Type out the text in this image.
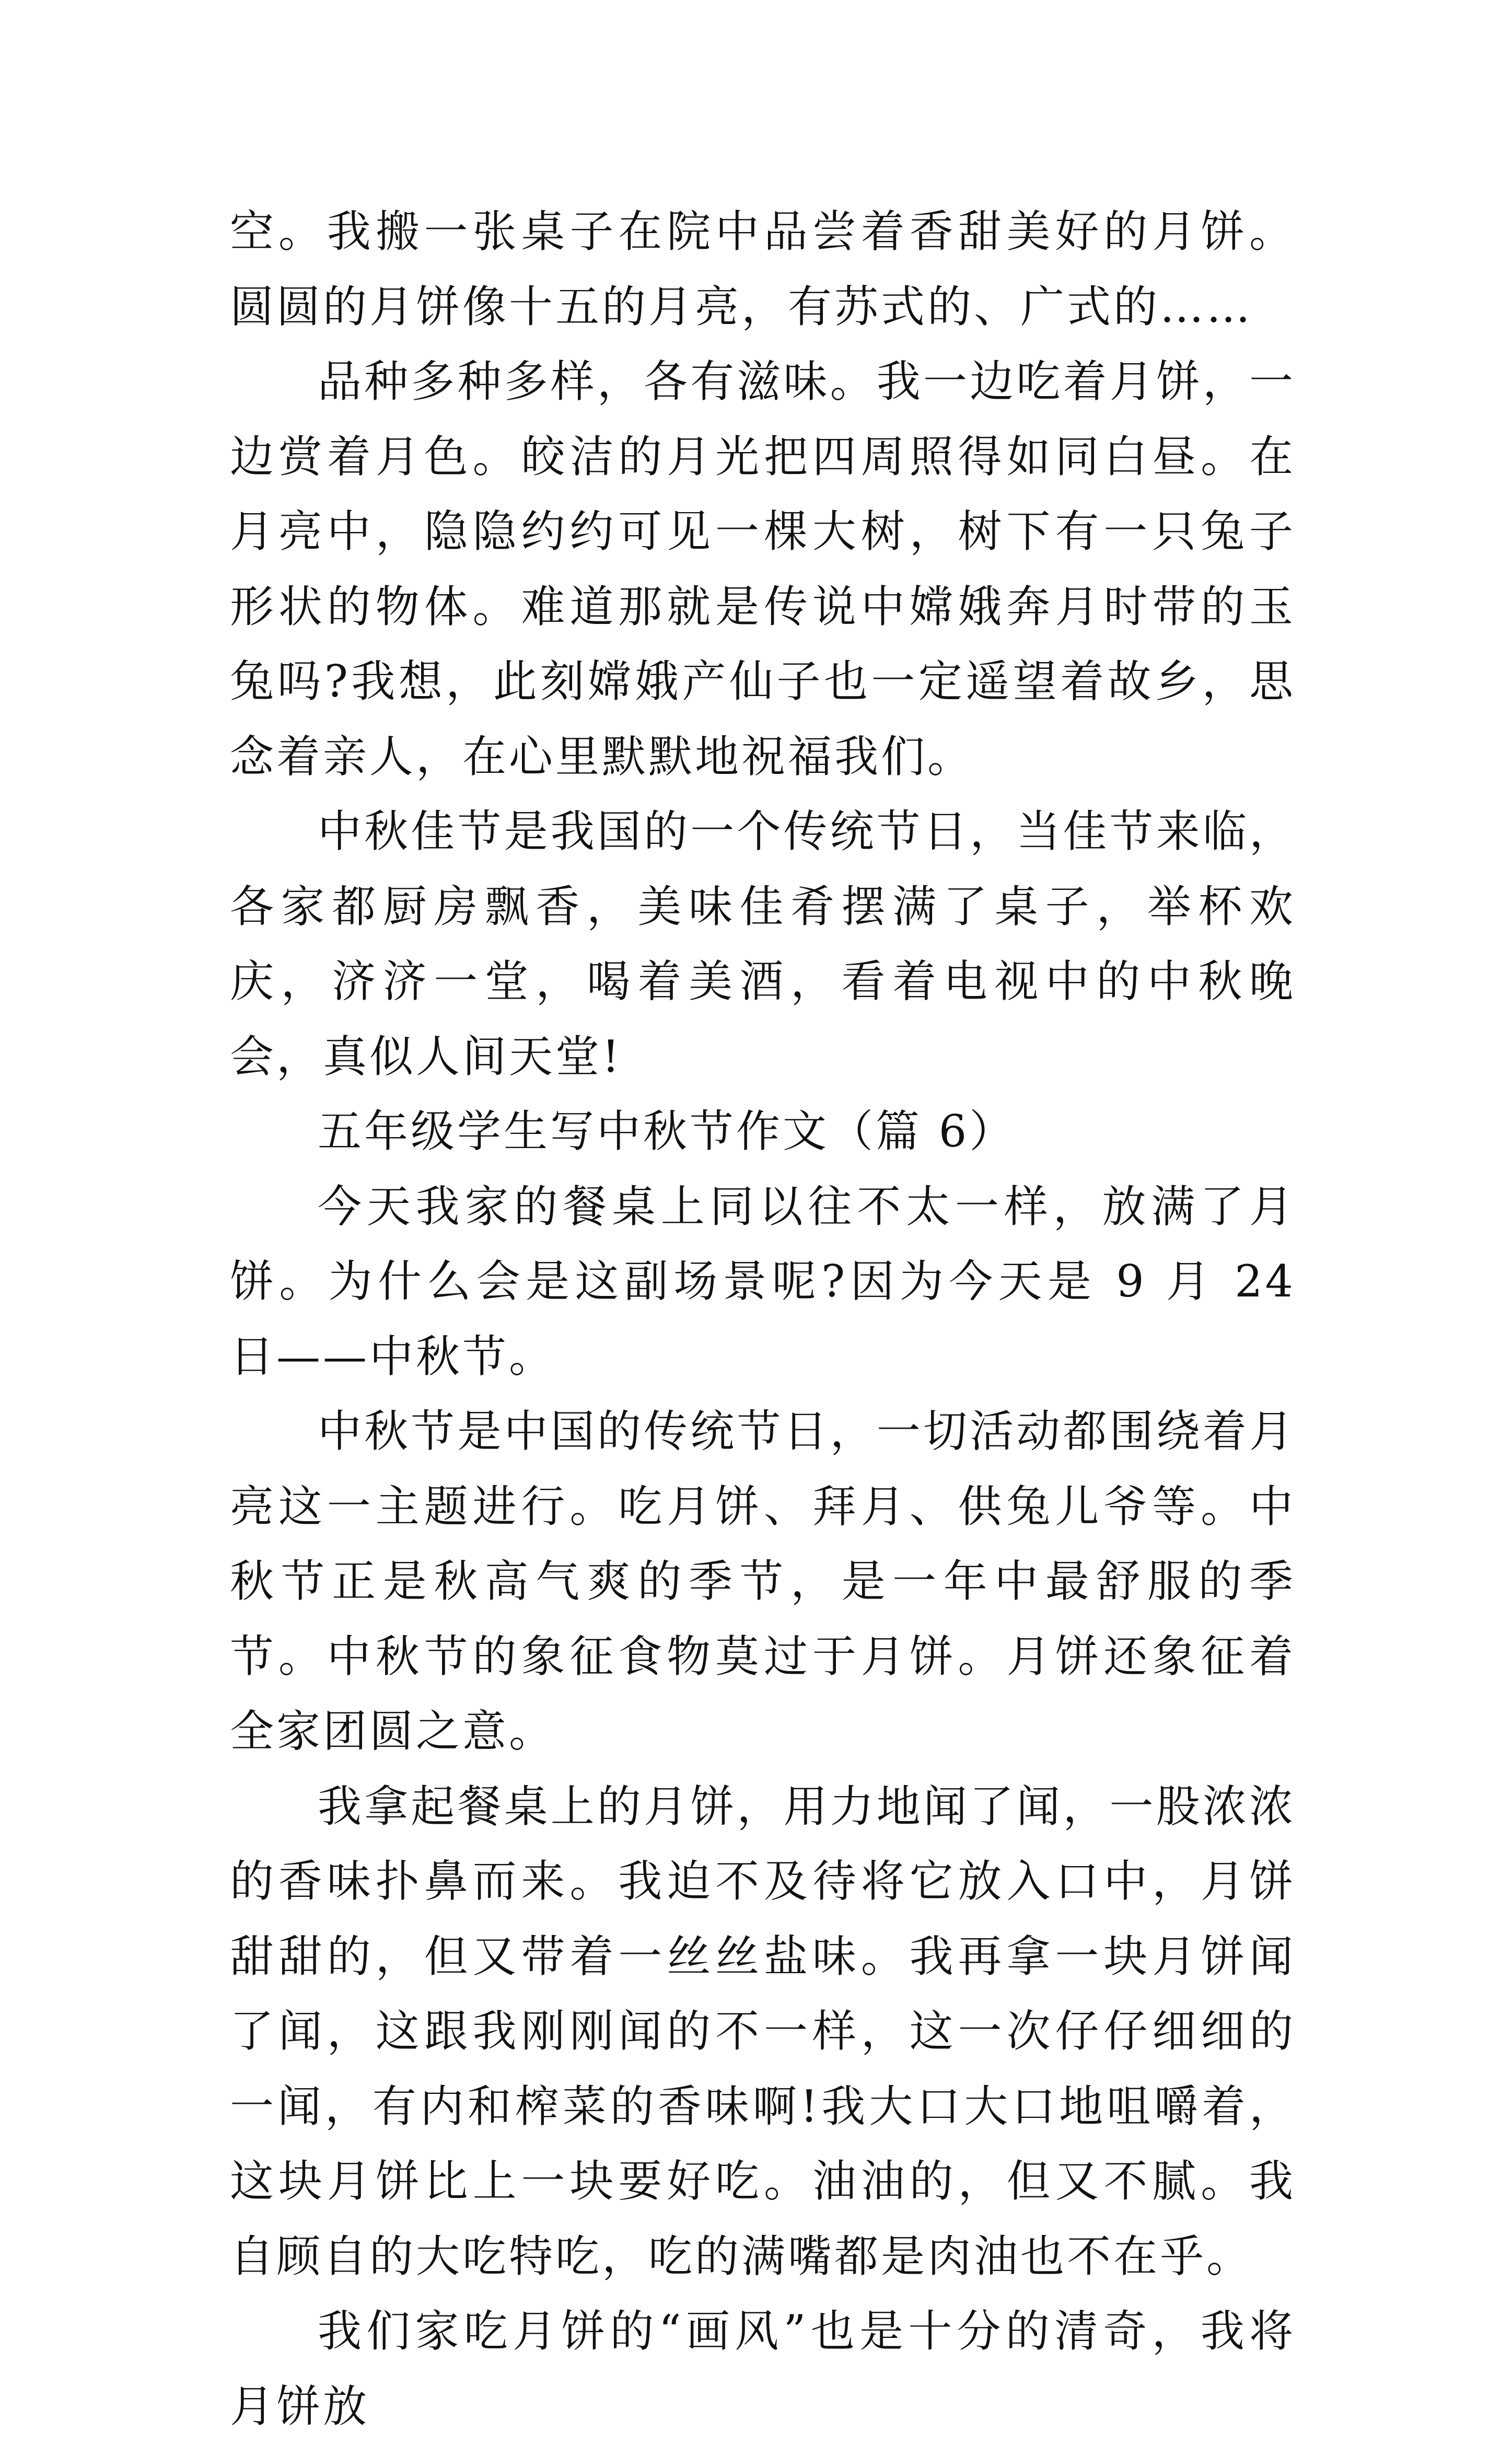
空。我搬一张桌子在院中品尝着香甜美好的月饼。圆圆的月饼像十五的月亮，有苏式的、广式的……

品种多种多样，各有滋味。我一边吃着月饼，一边赏着月色。皎洁的月光把四周照得如同白昼。在月亮中，隐隐约约可见一棵大树，树下有一只兔子形状的物体。难道那就是传说中嫦娥奔月时带的玉兔吗?我想，此刻嫦娥产仙子也一定遥望着故乡，思念着亲人，在心里默默地祝福我们。

中秋佳节是我国的一个传统节日，当佳节来临，各家都厨房飘香，美味佳肴摆满了桌子，举杯欢庆，济济一堂，喝着美酒，看着电视中的中秋晚会，真似人间天堂!

五年级学生写中秋节作文（篇 6）

今天我家的餐桌上同以往不太一样，放满了月饼。为什么会是这副场景呢?因为今天是 9 月 24 日——中秋节。

中秋节是中国的传统节日，一切活动都围绕着月亮这一主题进行。吃月饼、拜月、供兔儿爷等。中秋节正是秋高气爽的季节，是一年中最舒服的季节。中秋节的象征食物莫过于月饼。月饼还象征着全家团圆之意。

我拿起餐桌上的月饼，用力地闻了闻，一股浓浓的香味扑鼻而来。我迫不及待将它放入口中，月饼甜甜的，但又带着一丝丝盐味。我再拿一块月饼闻了闻，这跟我刚刚闻的不一样，这一次仔仔细细的一闻，有内和榨菜的香味啊!我大口大口地咀嚼着，这块月饼比上一块要好吃。油油的，但又不腻。我自顾自的大吃特吃，吃的满嘴都是肉油也不在乎。

我们家吃月饼的“画风”也是十分的清奇，我将月饼放
